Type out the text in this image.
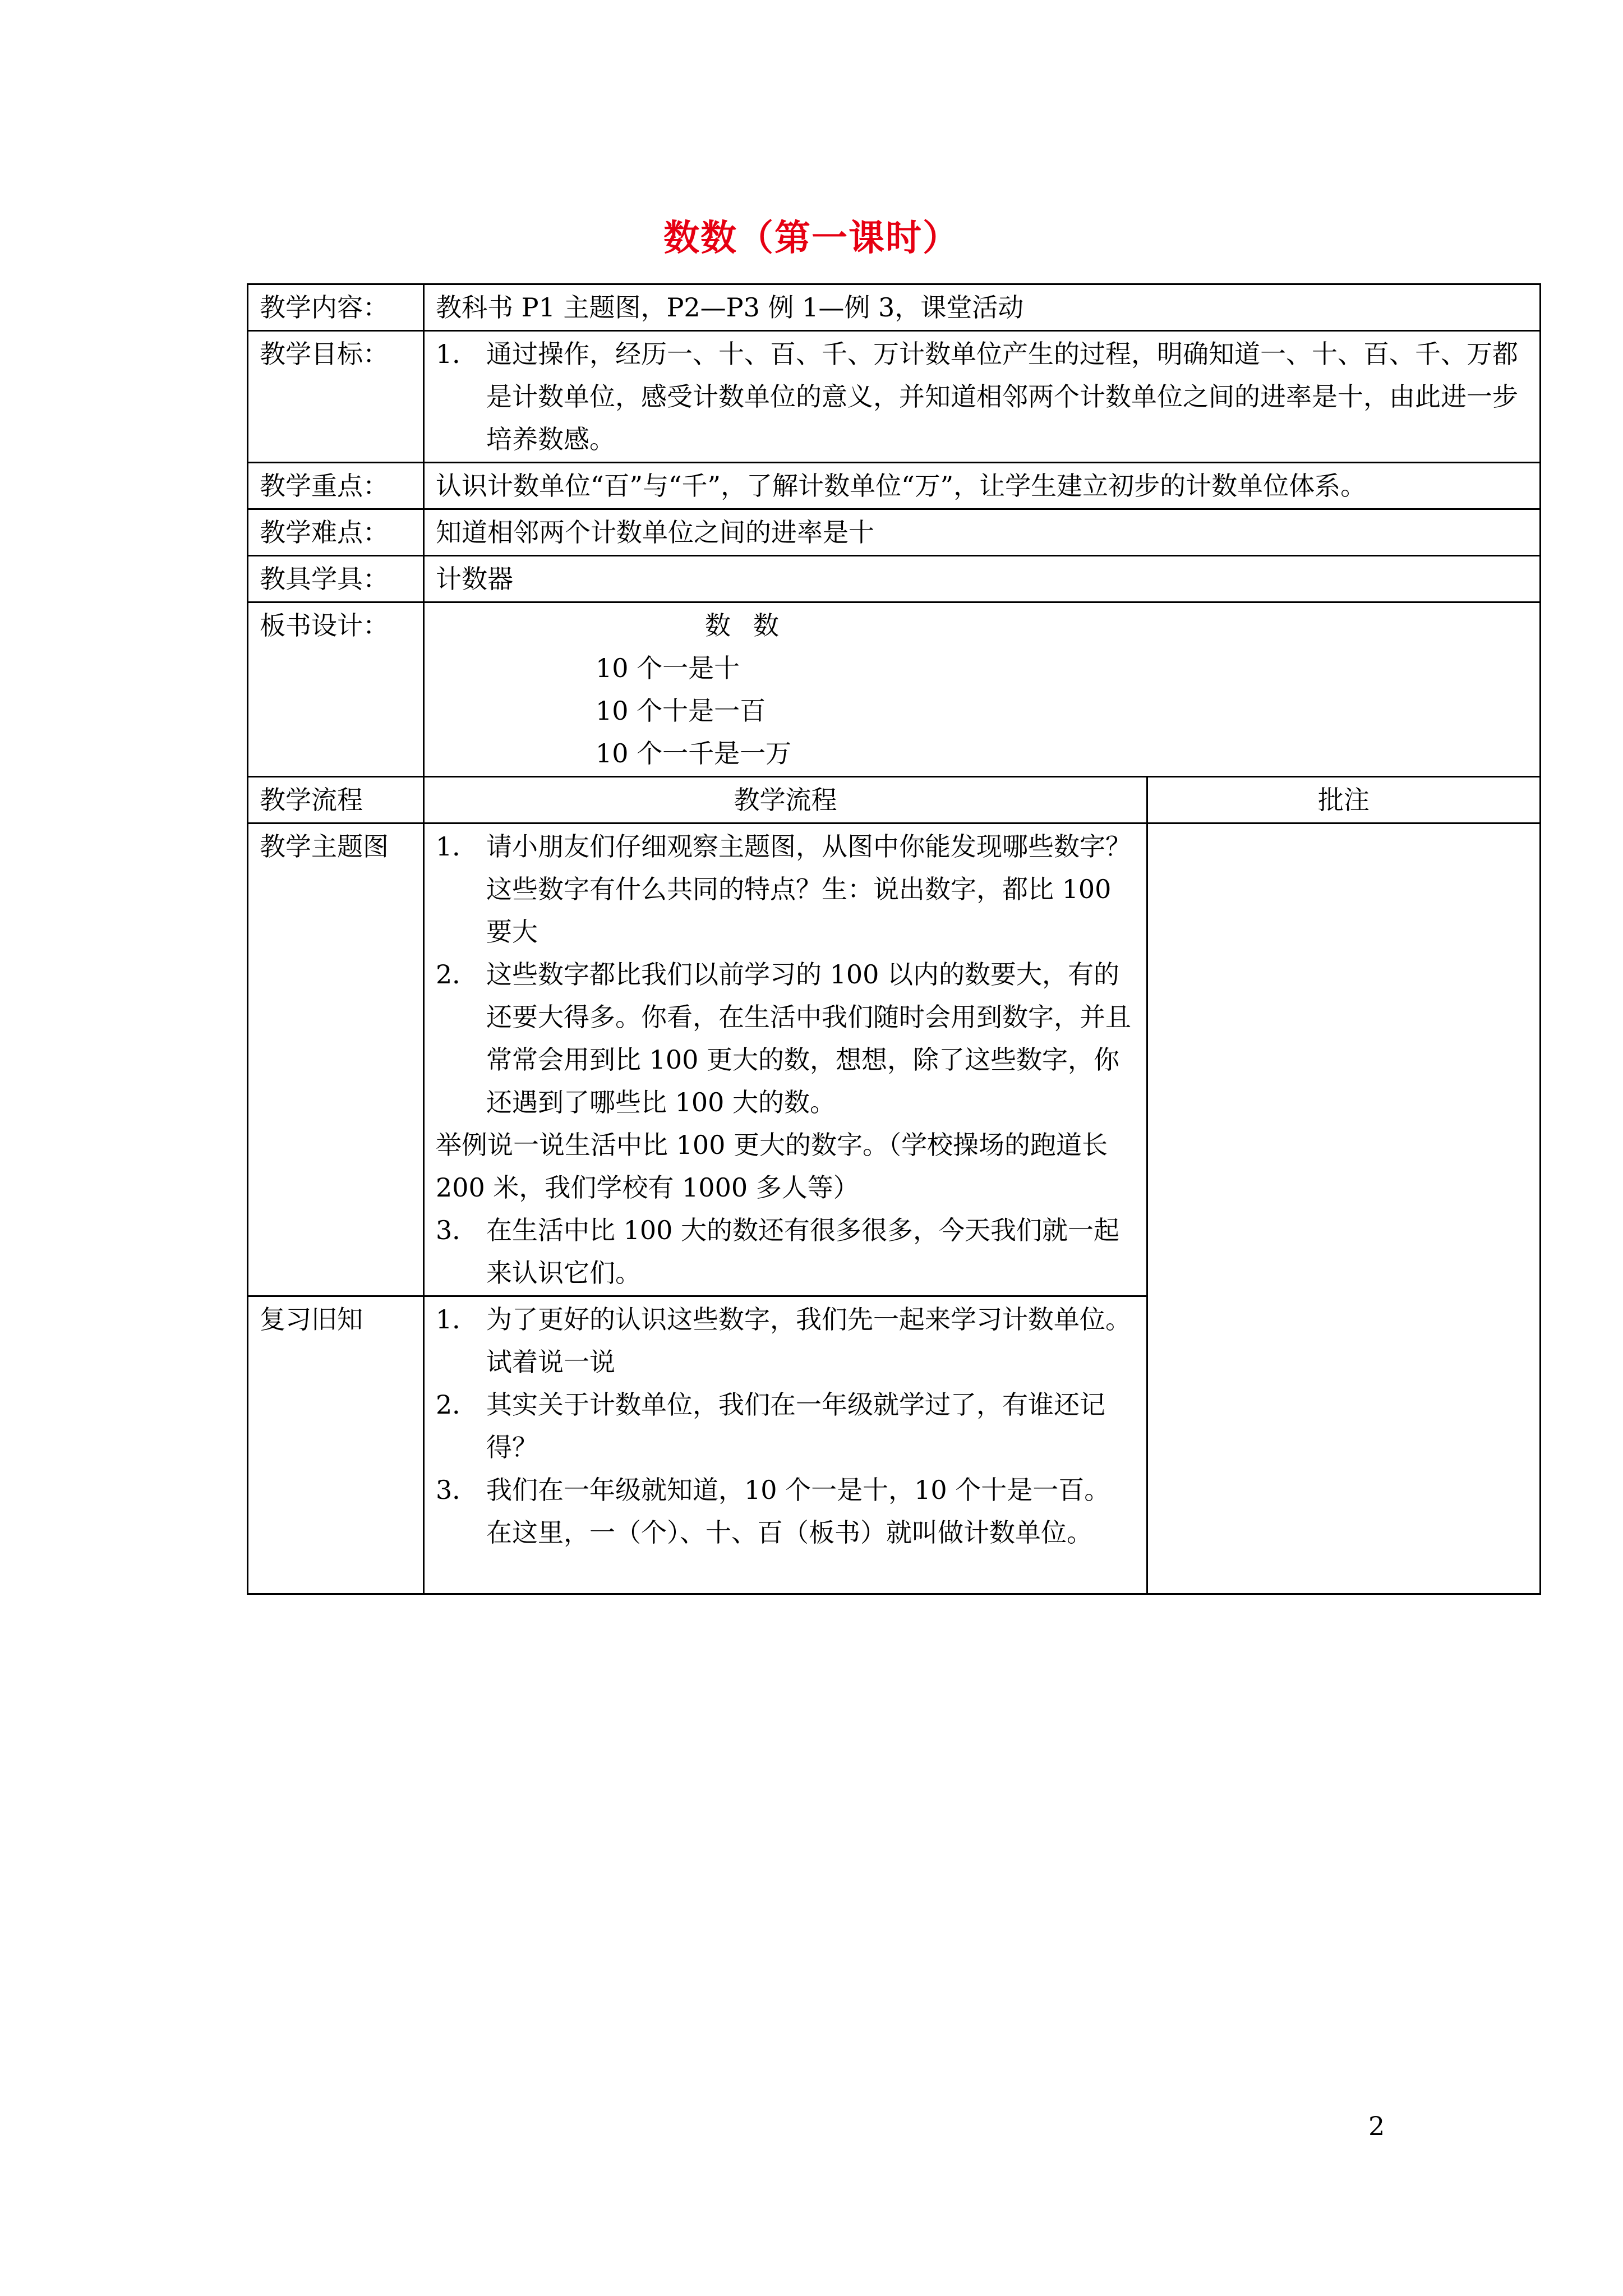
数数（第一课时）
教学内容：	教科书 P1 主题图，P2—P3 例 1—例 3，课堂活动	
教学目标：	1． 通过操作，经历一、十、百、千、万计数单位产生的过程，明确知道一、十、百、千、万都是计数单位，感受计数单位的意义，并知道相邻两个计数单位之间的进率是十，由此进一步培养数感。	

教学重点：	认识计数单位“百”与“千”，了解计数单位“万”，让学生建立初步的计数单位体系。	
教学难点：	知道相邻两个计数单位之间的进率是十	
教具学具：	计数器	
板书设计：	数数
10 个一是十
10 个十是一百
10 个一千是一万	

教学流程	教学流程	批注
教学主题图	1． 请小朋友们仔细观察主题图，从图中你能发现哪些数字？这些数字有什么共同的特点？生：说出数字，都比 100 要大
2． 这些数字都比我们以前学习的 100 以内的数要大，有的还要大得多。你看，在生活中我们随时会用到数字，并且常常会用到比 100 更大的数，想想，除了这些数字，你还遇到了哪些比 100 大的数。
举例说一说生活中比 100 更大的数字。（学校操场的跑道长 200 米，我们学校有 1000 多人等）
3． 在生活中比 100 大的数还有很多很多，今天我们就一起来认识它们。	

复习旧知	1． 为了更好的认识这些数字，我们先一起来学习计数单位。试着说一说
2． 其实关于计数单位，我们在一年级就学过了，有谁还记得？
3． 我们在一年级就知道，10 个一是十，10 个十是一百。在这里，一（个）、十、百（板书）就叫做计数单位。	
2
